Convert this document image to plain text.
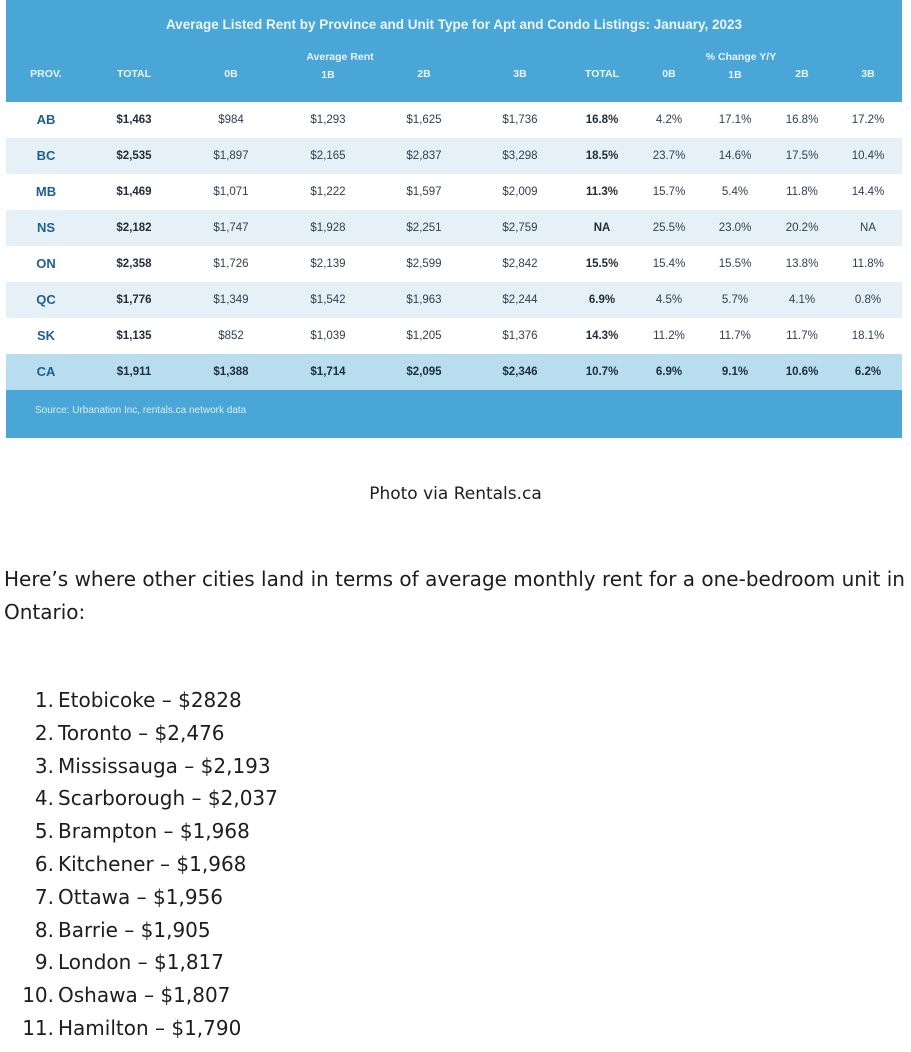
Average Listed Rent by Province and Unit Type for Apt and Condo Listings: January, 2023
Average Rent	% Change Y/Y
PROV.	TOTAL	0B	1B	2B	3B	TOTAL	0B	1B	2B	3B
AB	$1,463	$984	$1,293	$1,625	$1,736	16.8%	4.2%	17.1%	16.8%	17.2%
BC	$2,535	$1,897	$2,165	$2,837	$3,298	18.5%	23.7%	14.6%	17.5%	10.4%
MB	$1,469	$1,071	$1,222	$1,597	$2,009	11.3%	15.7%	5.4%	11.8%	14.4%
NS	$2,182	$1,747	$1,928	$2,251	$2,759	NA	25.5%	23.0%	20.2%	NA
ON	$2,358	$1,726	$2,139	$2,599	$2,842	15.5%	15.4%	15.5%	13.8%	11.8%
QC	$1,776	$1,349	$1,542	$1,963	$2,244	6.9%	4.5%	5.7%	4.1%	0.8%
SK	$1,135	$852	$1,039	$1,205	$1,376	14.3%	11.2%	11.7%	11.7%	18.1%
CA	$1,911	$1,388	$1,714	$2,095	$2,346	10.7%	6.9%	9.1%	10.6%	6.2%
Source: Urbanation Inc, rentals.ca network data
Photo via Rentals.ca

Here’s where other cities land in terms of average monthly rent for a one-bedroom unit in Ontario:

1. Etobicoke – $2828
2. Toronto – $2,476
3. Mississauga – $2,193
4. Scarborough – $2,037
5. Brampton – $1,968
6. Kitchener – $1,968
7. Ottawa – $1,956
8. Barrie – $1,905
9. London – $1,817
10. Oshawa – $1,807
11. Hamilton – $1,790
